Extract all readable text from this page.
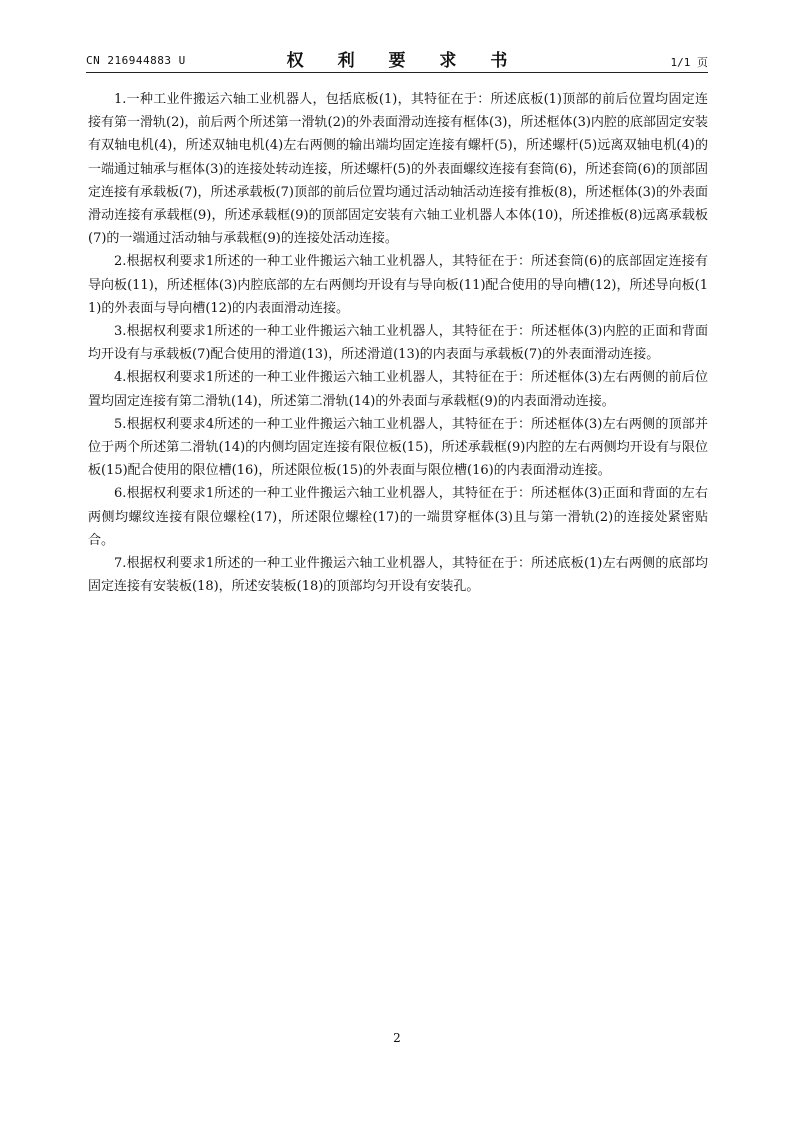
CN 216944883 U	权 利 要 求 书	1/1 页

1.一种工业件搬运六轴工业机器人，包括底板(1)，其特征在于：所述底板(1)顶部的前后位置均固定连接有第一滑轨(2)，前后两个所述第一滑轨(2)的外表面滑动连接有框体(3)，所述框体(3)内腔的底部固定安装有双轴电机(4)，所述双轴电机(4)左右两侧的输出端均固定连接有螺杆(5)，所述螺杆(5)远离双轴电机(4)的一端通过轴承与框体(3)的连接处转动连接，所述螺杆(5)的外表面螺纹连接有套筒(6)，所述套筒(6)的顶部固定连接有承载板(7)，所述承载板(7)顶部的前后位置均通过活动轴活动连接有推板(8)，所述框体(3)的外表面滑动连接有承载框(9)，所述承载框(9)的顶部固定安装有六轴工业机器人本体(10)，所述推板(8)远离承载板(7)的一端通过活动轴与承载框(9)的连接处活动连接。

2.根据权利要求1所述的一种工业件搬运六轴工业机器人，其特征在于：所述套筒(6)的底部固定连接有导向板(11)，所述框体(3)内腔底部的左右两侧均开设有与导向板(11)配合使用的导向槽(12)，所述导向板(11)的外表面与导向槽(12)的内表面滑动连接。

3.根据权利要求1所述的一种工业件搬运六轴工业机器人，其特征在于：所述框体(3)内腔的正面和背面均开设有与承载板(7)配合使用的滑道(13)，所述滑道(13)的内表面与承载板(7)的外表面滑动连接。

4.根据权利要求1所述的一种工业件搬运六轴工业机器人，其特征在于：所述框体(3)左右两侧的前后位置均固定连接有第二滑轨(14)，所述第二滑轨(14)的外表面与承载框(9)的内表面滑动连接。

5.根据权利要求4所述的一种工业件搬运六轴工业机器人，其特征在于：所述框体(3)左右两侧的顶部并位于两个所述第二滑轨(14)的内侧均固定连接有限位板(15)，所述承载框(9)内腔的左右两侧均开设有与限位板(15)配合使用的限位槽(16)，所述限位板(15)的外表面与限位槽(16)的内表面滑动连接。

6.根据权利要求1所述的一种工业件搬运六轴工业机器人，其特征在于：所述框体(3)正面和背面的左右两侧均螺纹连接有限位螺栓(17)，所述限位螺栓(17)的一端贯穿框体(3)且与第一滑轨(2)的连接处紧密贴合。

7.根据权利要求1所述的一种工业件搬运六轴工业机器人，其特征在于：所述底板(1)左右两侧的底部均固定连接有安装板(18)，所述安装板(18)的顶部均匀开设有安装孔。

2
